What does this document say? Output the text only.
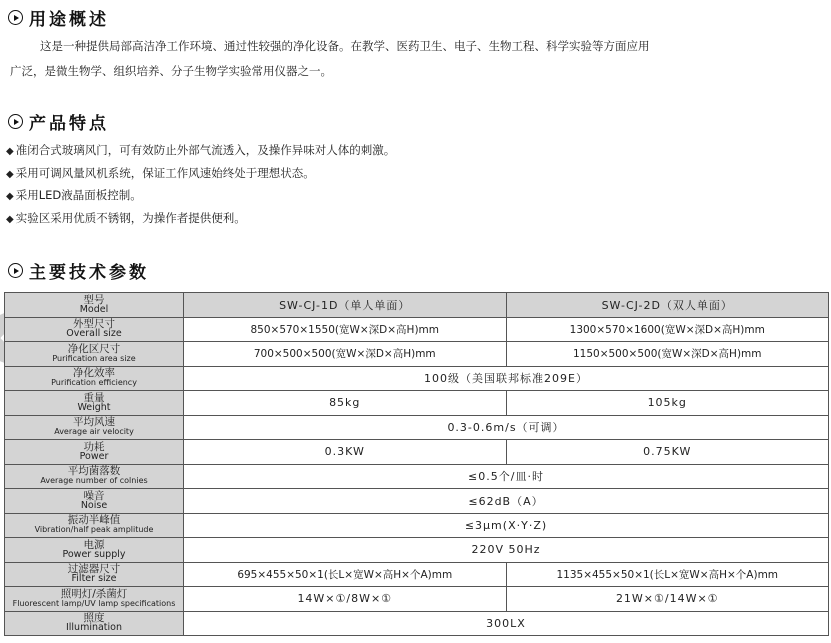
用途概述
这是一种提供局部高洁净工作环境、通过性较强的净化设备。在教学、医药卫生、电子、生物工程、科学实验等方面应用
广泛，是微生物学、组织培养、分子生物学实验常用仪器之一。
产品特点
◆ 准闭合式玻璃风门，可有效防止外部气流透入，及操作异味对人体的刺激。
◆ 采用可调风量风机系统，保证工作风速始终处于理想状态。
◆ 采用LED液晶面板控制。
◆ 实验区采用优质不锈钢，为操作者提供便利。
主要技术参数
型号
Model	SW-CJ-1D（单人单面）	SW-CJ-2D（双人单面）

外型尺寸
Overall size	850×570×1550(宽W×深D×高H)mm	1300×570×1600(宽W×深D×高H)mm

净化区尺寸
Purification area size	700×500×500(宽W×深D×高H)mm	1150×500×500(宽W×深D×高H)mm

净化效率
Purification efficiency	100级（美国联邦标准209E）	

重量
Weight	85kg	105kg

平均风速
Average air velocity	0.3-0.6m/s（可调）	

功耗
Power	0.3KW	0.75KW

平均菌落数
Average number of colnies	≤0.5个/皿·时	

噪音
Noise	≤62dB（A）	

振动半峰值
Vibration/half peak amplitude	≤3μm(X·Y·Z)	

电源
Power supply	220V 50Hz	

过滤器尺寸
Filter size	695×455×50×1(长L×宽W×高H×个A)mm	1135×455×50×1(长L×宽W×高H×个A)mm

照明灯/杀菌灯
Fluorescent lamp/UV lamp specifications	14W×①/8W×①	21W×①/14W×①

照度
Illumination	300LX	
